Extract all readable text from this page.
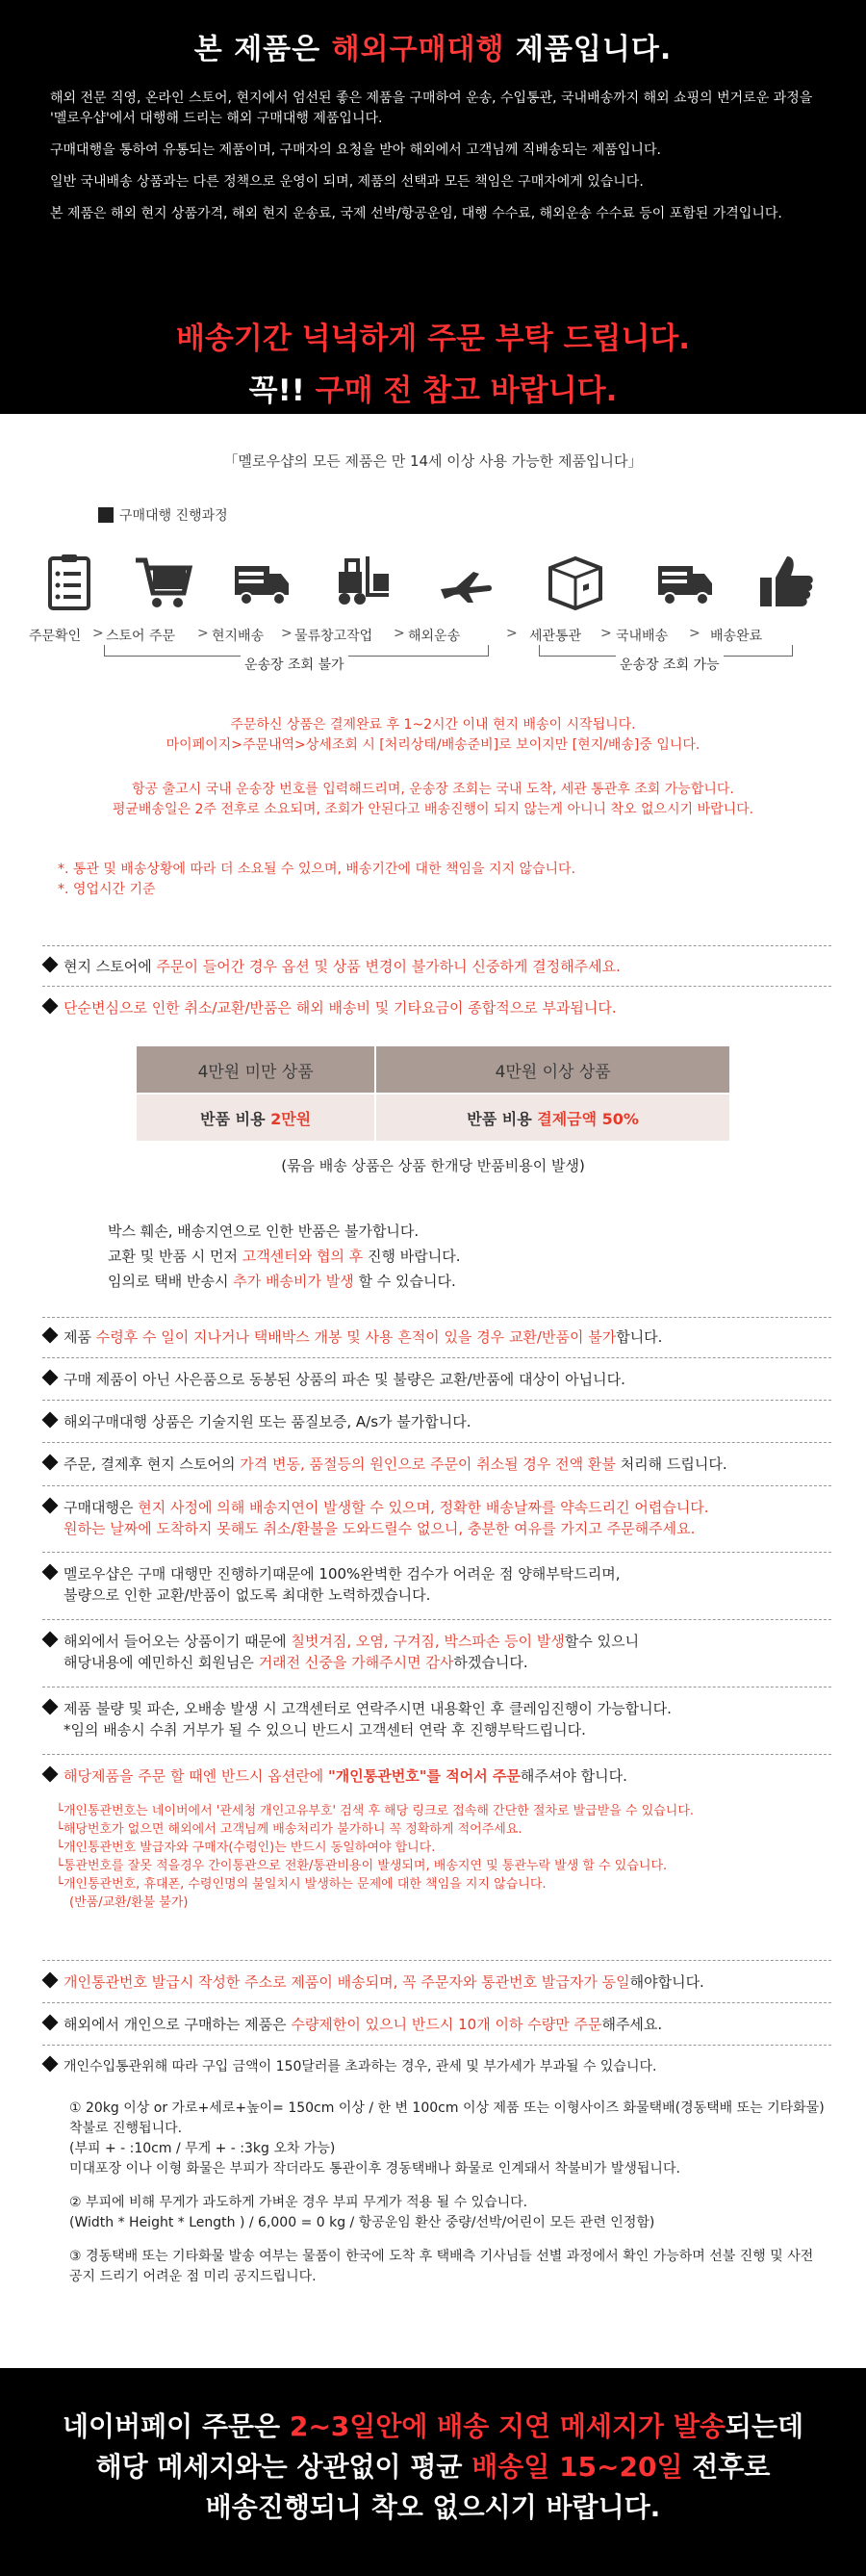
본 제품은 해외구매대행 제품입니다.

해외 전문 직영, 온라인 스토어, 현지에서 엄선된 좋은 제품을 구매하여 운송, 수입통관, 국내배송까지 해외 쇼핑의 번거로운 과정을 '멜로우샵'에서 대행해 드리는 해외 구매대행 제품입니다.

구매대행을 통하여 유통되는 제품이며, 구매자의 요청을 받아 해외에서 고객님께 직배송되는 제품입니다.

일반 국내배송 상품과는 다른 정책으로 운영이 되며, 제품의 선택과 모든 책임은 구매자에게 있습니다.

본 제품은 해외 현지 상품가격, 해외 현지 운송료, 국제 선박/항공운임, 대행 수수료, 해외운송 수수료 등이 포함된 가격입니다.

배송기간 넉넉하게 주문 부탁 드립니다.
꼭!! 구매 전 참고 바랍니다.
「멜로우샵의 모든 제품은 만 14세 이상 사용 가능한 제품입니다」
구매대행 진행과정
주문확인 > 스토어 주문 > 현지배송 > 물류창고작업 > 해외운송	> 세관통관 > 국내배송 > 배송완료
운송장 조회 불가	운송장 조회 가능
주문하신 상품은 결제완료 후 1~2시간 이내 현지 배송이 시작됩니다.
마이페이지>주문내역>상세조회 시 [처리상태/배송준비]로 보이지만 [현지/배송]중 입니다.
항공 출고시 국내 운송장 번호를 입력해드리며, 운송장 조회는 국내 도착, 세관 통관후 조회 가능합니다.
평균배송일은 2주 전후로 소요되며, 조회가 안된다고 배송진행이 되지 않는게 아니니 착오 없으시기 바랍니다.
*. 통관 및 배송상황에 따라 더 소요될 수 있으며, 배송기간에 대한 책임을 지지 않습니다.
*. 영업시간 기준
현지 스토어에 주문이 들어간 경우 옵션 및 상품 변경이 불가하니 신중하게 결정해주세요.
단순변심으로 인한 취소/교환/반품은 해외 배송비 및 기타요금이 종합적으로 부과됩니다.
4만원 미만 상품	4만원 이상 상품
반품 비용 2만원	반품 비용 결제금액 50%
(묶음 배송 상품은 상품 한개당 반품비용이 발생)
박스 훼손, 배송지연으로 인한 반품은 불가합니다.
교환 및 반품 시 먼저 고객센터와 협의 후 진행 바랍니다.
임의로 택배 반송시 추가 배송비가 발생 할 수 있습니다.
제품 수령후 수 일이 지나거나 택배박스 개봉 및 사용 흔적이 있을 경우 교환/반품이 불가합니다.
구매 제품이 아닌 사은품으로 동봉된 상품의 파손 및 불량은 교환/반품에 대상이 아닙니다.
해외구매대행 상품은 기술지원 또는 품질보증, A/s가 불가합니다.
주문, 결제후 현지 스토어의 가격 변동, 품절등의 원인으로 주문이 취소될 경우 전액 환불 처리해 드립니다.
구매대행은 현지 사정에 의해 배송지연이 발생할 수 있으며, 정확한 배송날짜를 약속드리긴 어렵습니다.
원하는 날짜에 도착하지 못해도 취소/환불을 도와드릴수 없으니, 충분한 여유를 가지고 주문해주세요.
멜로우샵은 구매 대행만 진행하기때문에 100%완벽한 검수가 어려운 점 양해부탁드리며,
불량으로 인한 교환/반품이 없도록 최대한 노력하겠습니다.
해외에서 들어오는 상품이기 때문에 칠벗겨짐, 오염, 구겨짐, 박스파손 등이 발생할수 있으니
해당내용에 예민하신 회원님은 거래전 신중을 가해주시면 감사하겠습니다.
제품 불량 및 파손, 오배송 발생 시 고객센터로 연락주시면 내용확인 후 클레임진행이 가능합니다.
*임의 배송시 수취 거부가 될 수 있으니 반드시 고객센터 연락 후 진행부탁드립니다.
해당제품을 주문 할 때엔 반드시 옵션란에 "개인통관번호"를 적어서 주문해주셔야 합니다.
└개인통관번호는 네이버에서 '관세청 개인고유부호' 검색 후 해당 링크로 접속해 간단한 절차로 발급받을 수 있습니다.
└해당번호가 없으면 해외에서 고객님께 배송처리가 불가하니 꼭 정확하게 적어주세요.
└개인통관번호 발급자와 구매자(수령인)는 반드시 동일하여야 합니다.
└통관번호를 잘못 적을경우 간이통관으로 전환/통관비용이 발생되며, 배송지연 및 통관누락 발생 할 수 있습니다.
└개인통관번호, 휴대폰, 수령인명의 불일치시 발생하는 문제에 대한 책임을 지지 않습니다.
(반품/교환/환불 불가)
개인통관번호 발급시 작성한 주소로 제품이 배송되며, 꼭 주문자와 통관번호 발급자가 동일해야합니다.
해외에서 개인으로 구매하는 제품은 수량제한이 있으니 반드시 10개 이하 수량만 주문해주세요.
개인수입통관위해 따라 구입 금액이 150달러를 초과하는 경우, 관세 및 부가세가 부과될 수 있습니다.

① 20kg 이상 or 가로+세로+높이= 150cm 이상 / 한 변 100cm 이상 제품 또는 이형사이즈 화물택배(경동택배 또는 기타화물) 착불로 진행됩니다.
(부피 + - :10cm / 무게 + - :3kg 오차 가능)
미대포장 이나 이형 화물은 부피가 작더라도 통관이후 경동택배나 화물로 인계돼서 착불비가 발생됩니다.

② 부피에 비해 무게가 과도하게 가벼운 경우 부피 무게가 적용 될 수 있습니다.
(Width * Height * Length ) / 6,000 = 0 kg / 항공운임 환산 중량/선박/어린이 모든 관련 인정함)

③ 경동택배 또는 기타화물 발송 여부는 물품이 한국에 도착 후 택배측 기사님들 선별 과정에서 확인 가능하며 선불 진행 및 사전 공지 드리기 어려운 점 미리 공지드립니다.

네이버페이 주문은 2~3일안에 배송 지연 메세지가 발송되는데
해당 메세지와는 상관없이 평균 배송일 15~20일 전후로
배송진행되니 착오 없으시기 바랍니다.
